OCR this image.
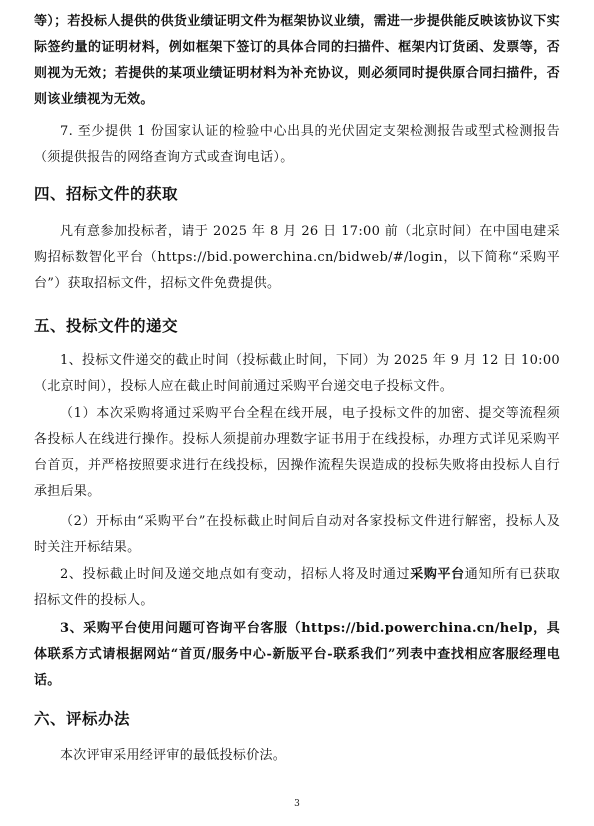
等）；若投标人提供的供货业绩证明文件为框架协议业绩，需进一步提供能反映该协议下实际签约量的证明材料，例如框架下签订的具体合同的扫描件、框架内订货函、发票等，否则视为无效；若提供的某项业绩证明材料为补充协议，则必须同时提供原合同扫描件，否则该业绩视为无效。
7. 至少提供 1 份国家认证的检验中心出具的光伏固定支架检测报告或型式检测报告（须提供报告的网络查询方式或查询电话）。
四、招标文件的获取
凡有意参加投标者，请于 2025 年 8 月 26 日 17:00 前（北京时间）在中国电建采购招标数智化平台（https://bid.powerchina.cn/bidweb/#/login，以下简称“采购平台”）获取招标文件，招标文件免费提供。
五、投标文件的递交
1、投标文件递交的截止时间（投标截止时间，下同）为 2025 年 9 月 12 日 10:00（北京时间），投标人应在截止时间前通过采购平台递交电子投标文件。
（1）本次采购将通过采购平台全程在线开展，电子投标文件的加密、提交等流程须各投标人在线进行操作。投标人须提前办理数字证书用于在线投标，办理方式详见采购平台首页，并严格按照要求进行在线投标，因操作流程失误造成的投标失败将由投标人自行承担后果。
（2）开标由“采购平台”在投标截止时间后自动对各家投标文件进行解密，投标人及时关注开标结果。
2、投标截止时间及递交地点如有变动，招标人将及时通过采购平台通知所有已获取招标文件的投标人。
3、采购平台使用问题可咨询平台客服（https://bid.powerchina.cn/help，具体联系方式请根据网站“首页/服务中心-新版平台-联系我们”列表中查找相应客服经理电话。
六、评标办法
本次评审采用经评审的最低投标价法。
3
